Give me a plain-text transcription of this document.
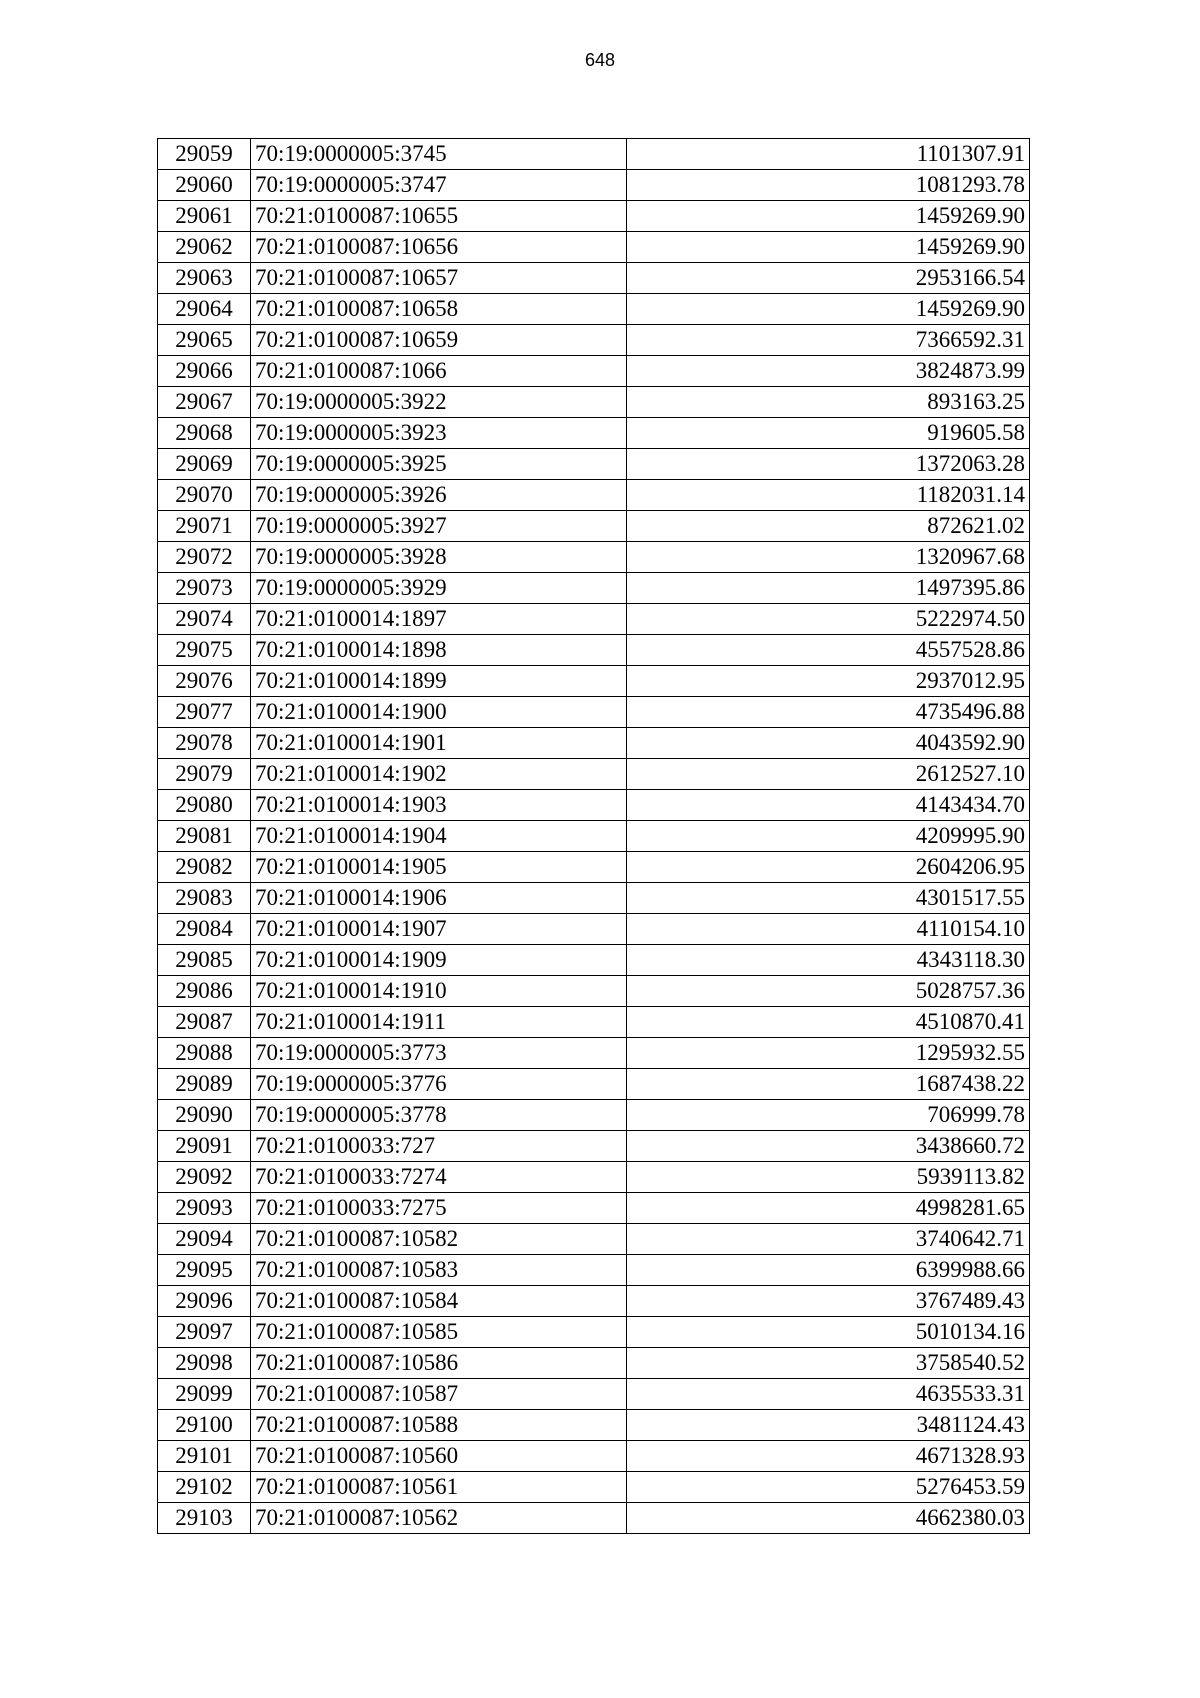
648
29059	70:19:0000005:3745	1101307.91
29060	70:19:0000005:3747	1081293.78
29061	70:21:0100087:10655	1459269.90
29062	70:21:0100087:10656	1459269.90
29063	70:21:0100087:10657	2953166.54
29064	70:21:0100087:10658	1459269.90
29065	70:21:0100087:10659	7366592.31
29066	70:21:0100087:1066	3824873.99
29067	70:19:0000005:3922	893163.25
29068	70:19:0000005:3923	919605.58
29069	70:19:0000005:3925	1372063.28
29070	70:19:0000005:3926	1182031.14
29071	70:19:0000005:3927	872621.02
29072	70:19:0000005:3928	1320967.68
29073	70:19:0000005:3929	1497395.86
29074	70:21:0100014:1897	5222974.50
29075	70:21:0100014:1898	4557528.86
29076	70:21:0100014:1899	2937012.95
29077	70:21:0100014:1900	4735496.88
29078	70:21:0100014:1901	4043592.90
29079	70:21:0100014:1902	2612527.10
29080	70:21:0100014:1903	4143434.70
29081	70:21:0100014:1904	4209995.90
29082	70:21:0100014:1905	2604206.95
29083	70:21:0100014:1906	4301517.55
29084	70:21:0100014:1907	4110154.10
29085	70:21:0100014:1909	4343118.30
29086	70:21:0100014:1910	5028757.36
29087	70:21:0100014:1911	4510870.41
29088	70:19:0000005:3773	1295932.55
29089	70:19:0000005:3776	1687438.22
29090	70:19:0000005:3778	706999.78
29091	70:21:0100033:727	3438660.72
29092	70:21:0100033:7274	5939113.82
29093	70:21:0100033:7275	4998281.65
29094	70:21:0100087:10582	3740642.71
29095	70:21:0100087:10583	6399988.66
29096	70:21:0100087:10584	3767489.43
29097	70:21:0100087:10585	5010134.16
29098	70:21:0100087:10586	3758540.52
29099	70:21:0100087:10587	4635533.31
29100	70:21:0100087:10588	3481124.43
29101	70:21:0100087:10560	4671328.93
29102	70:21:0100087:10561	5276453.59
29103	70:21:0100087:10562	4662380.03
